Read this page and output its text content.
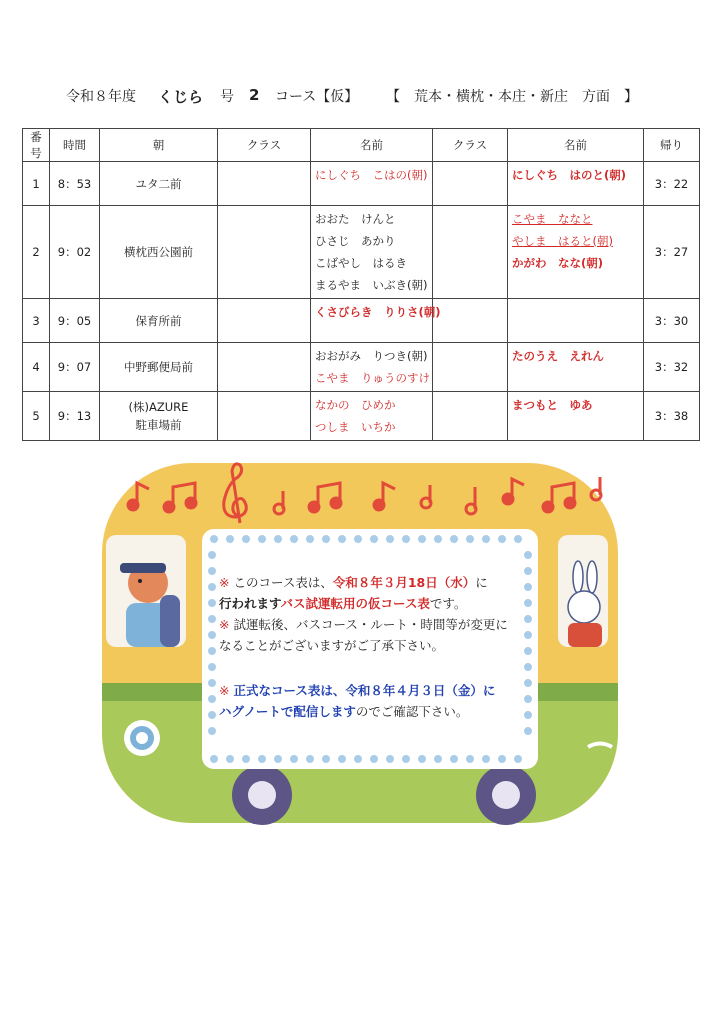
令和８年度 くじら 号 2 コース【仮】 【　荒本・横枕・本庄・新庄　方面　】
番号	時間	朝	クラス	名前	クラス	名前	帰り
1	8：53	ユタ二前		にしぐち　こはの(朝)		にしぐち　はのと(朝)	3：22
2	9：02	横枕西公園前		おおた　けんと
ひさじ　あかり
こばやし　はるき
まるやま　いぶき(朝)		こやま　ななと
やしま　はると(朝)
かがわ　なな(朝)	3：27
3	9：05	保育所前		くさびらき　りりさ(朝)			3：30
4	9：07	中野郵便局前		おおがみ　りつき(朝)
こやま　りゅうのすけ		たのうえ　えれん	3：32
5	9：13	(株)AZURE
駐車場前		なかの　ひめか
つしま　いちか		まつもと　ゆあ	3：38
※ このコース表は、令和８年３月18日（水）に
行われますバス試運転用の仮コース表です。
※ 試運転後、バスコース・ルート・時間等が変更に
なることがございますがご了承下さい。
※ 正式なコース表は、令和８年４月３日（金）に
ハグノートで配信しますのでご確認下さい。
